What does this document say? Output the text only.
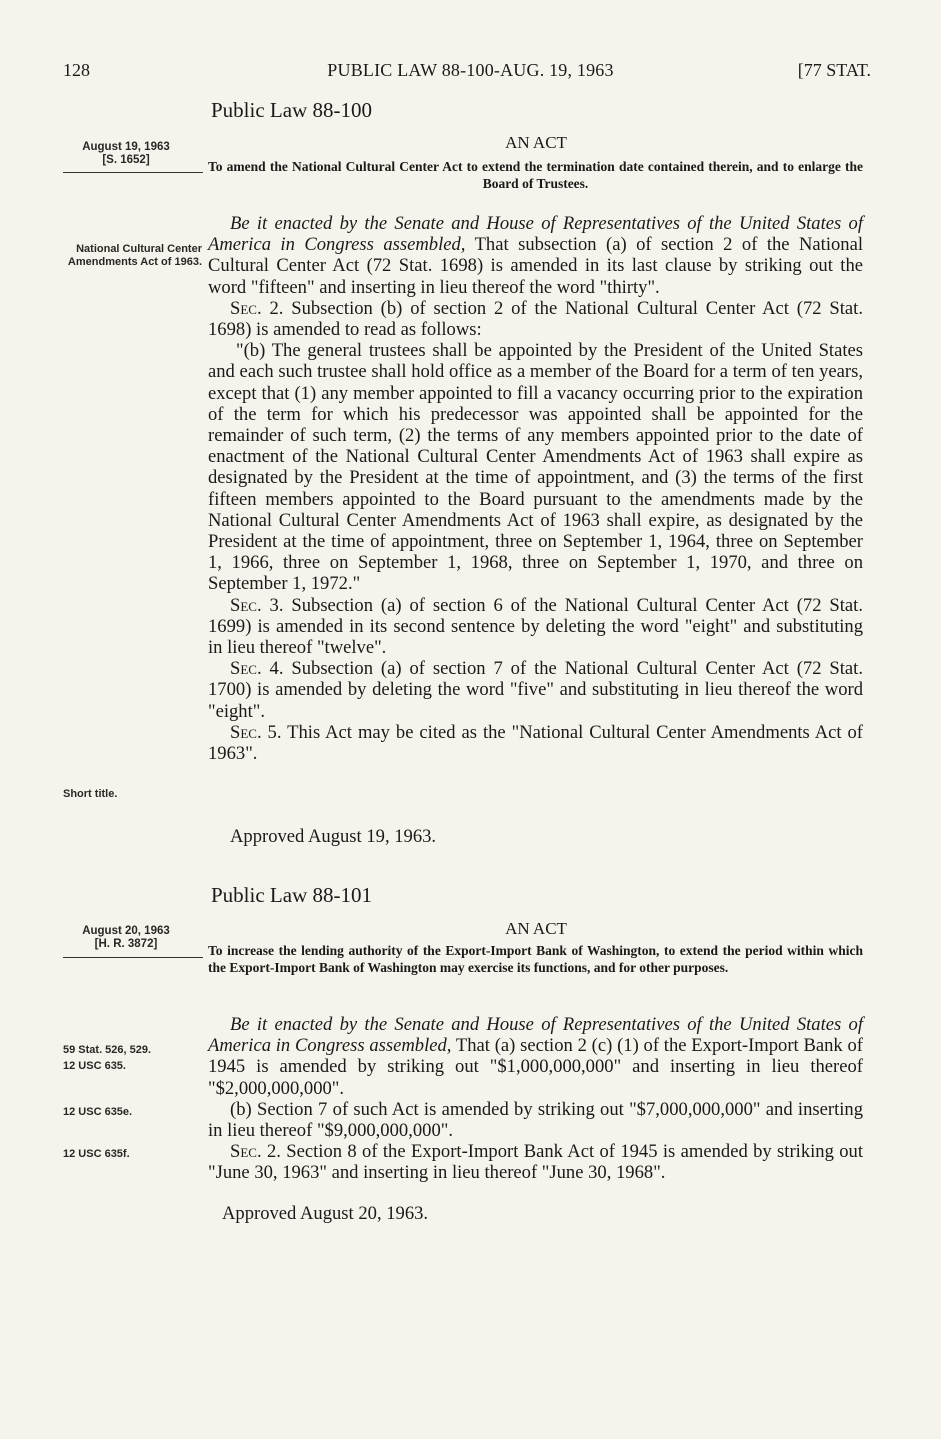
128	PUBLIC LAW 88-100-AUG. 19, 1963	[77 STAT.
Public Law 88-100
August 19, 1963
[S. 1652]
AN ACT
To amend the National Cultural Center Act to extend the termination date contained therein, and to enlarge the Board of Trustees.
National Cultural Center Amendments Act of 1963.

Be it enacted by the Senate and House of Representatives of the United States of America in Congress assembled, That subsection (a) of section 2 of the National Cultural Center Act (72 Stat. 1698) is amended in its last clause by striking out the word "fifteen" and inserting in lieu thereof the word "thirty".

Sec. 2. Subsection (b) of section 2 of the National Cultural Center Act (72 Stat. 1698) is amended to read as follows:

"(b) The general trustees shall be appointed by the President of the United States and each such trustee shall hold office as a member of the Board for a term of ten years, except that (1) any member appointed to fill a vacancy occurring prior to the expiration of the term for which his predecessor was appointed shall be appointed for the remainder of such term, (2) the terms of any members appointed prior to the date of enactment of the National Cultural Center Amendments Act of 1963 shall expire as designated by the President at the time of appointment, and (3) the terms of the first fifteen members appointed to the Board pursuant to the amendments made by the National Cultural Center Amendments Act of 1963 shall expire, as designated by the President at the time of appointment, three on September 1, 1964, three on September 1, 1966, three on September 1, 1968, three on September 1, 1970, and three on September 1, 1972."

Sec. 3. Subsection (a) of section 6 of the National Cultural Center Act (72 Stat. 1699) is amended in its second sentence by deleting the word "eight" and substituting in lieu thereof "twelve".

Sec. 4. Subsection (a) of section 7 of the National Cultural Center Act (72 Stat. 1700) is amended by deleting the word "five" and substituting in lieu thereof the word "eight".

Sec. 5. This Act may be cited as the "National Cultural Center Amendments Act of 1963".

Short title.
Approved August 19, 1963.
Public Law 88-101
August 20, 1963
[H. R. 3872]
AN ACT
To increase the lending authority of the Export-Import Bank of Washington, to extend the period within which the Export-Import Bank of Washington may exercise its functions, and for other purposes.

Be it enacted by the Senate and House of Representatives of the United States of America in Congress assembled, That (a) section 2 (c) (1) of the Export-Import Bank of 1945 is amended by striking out "$1,000,000,000" and inserting in lieu thereof "$2,000,000,000".

(b) Section 7 of such Act is amended by striking out "$7,000,000,000" and inserting in lieu thereof "$9,000,000,000".

Sec. 2. Section 8 of the Export-Import Bank Act of 1945 is amended by striking out "June 30, 1963" and inserting in lieu thereof "June 30, 1968".

59 Stat. 526, 529.
12 USC 635.
12 USC 635e.
12 USC 635f.
Approved August 20, 1963.
